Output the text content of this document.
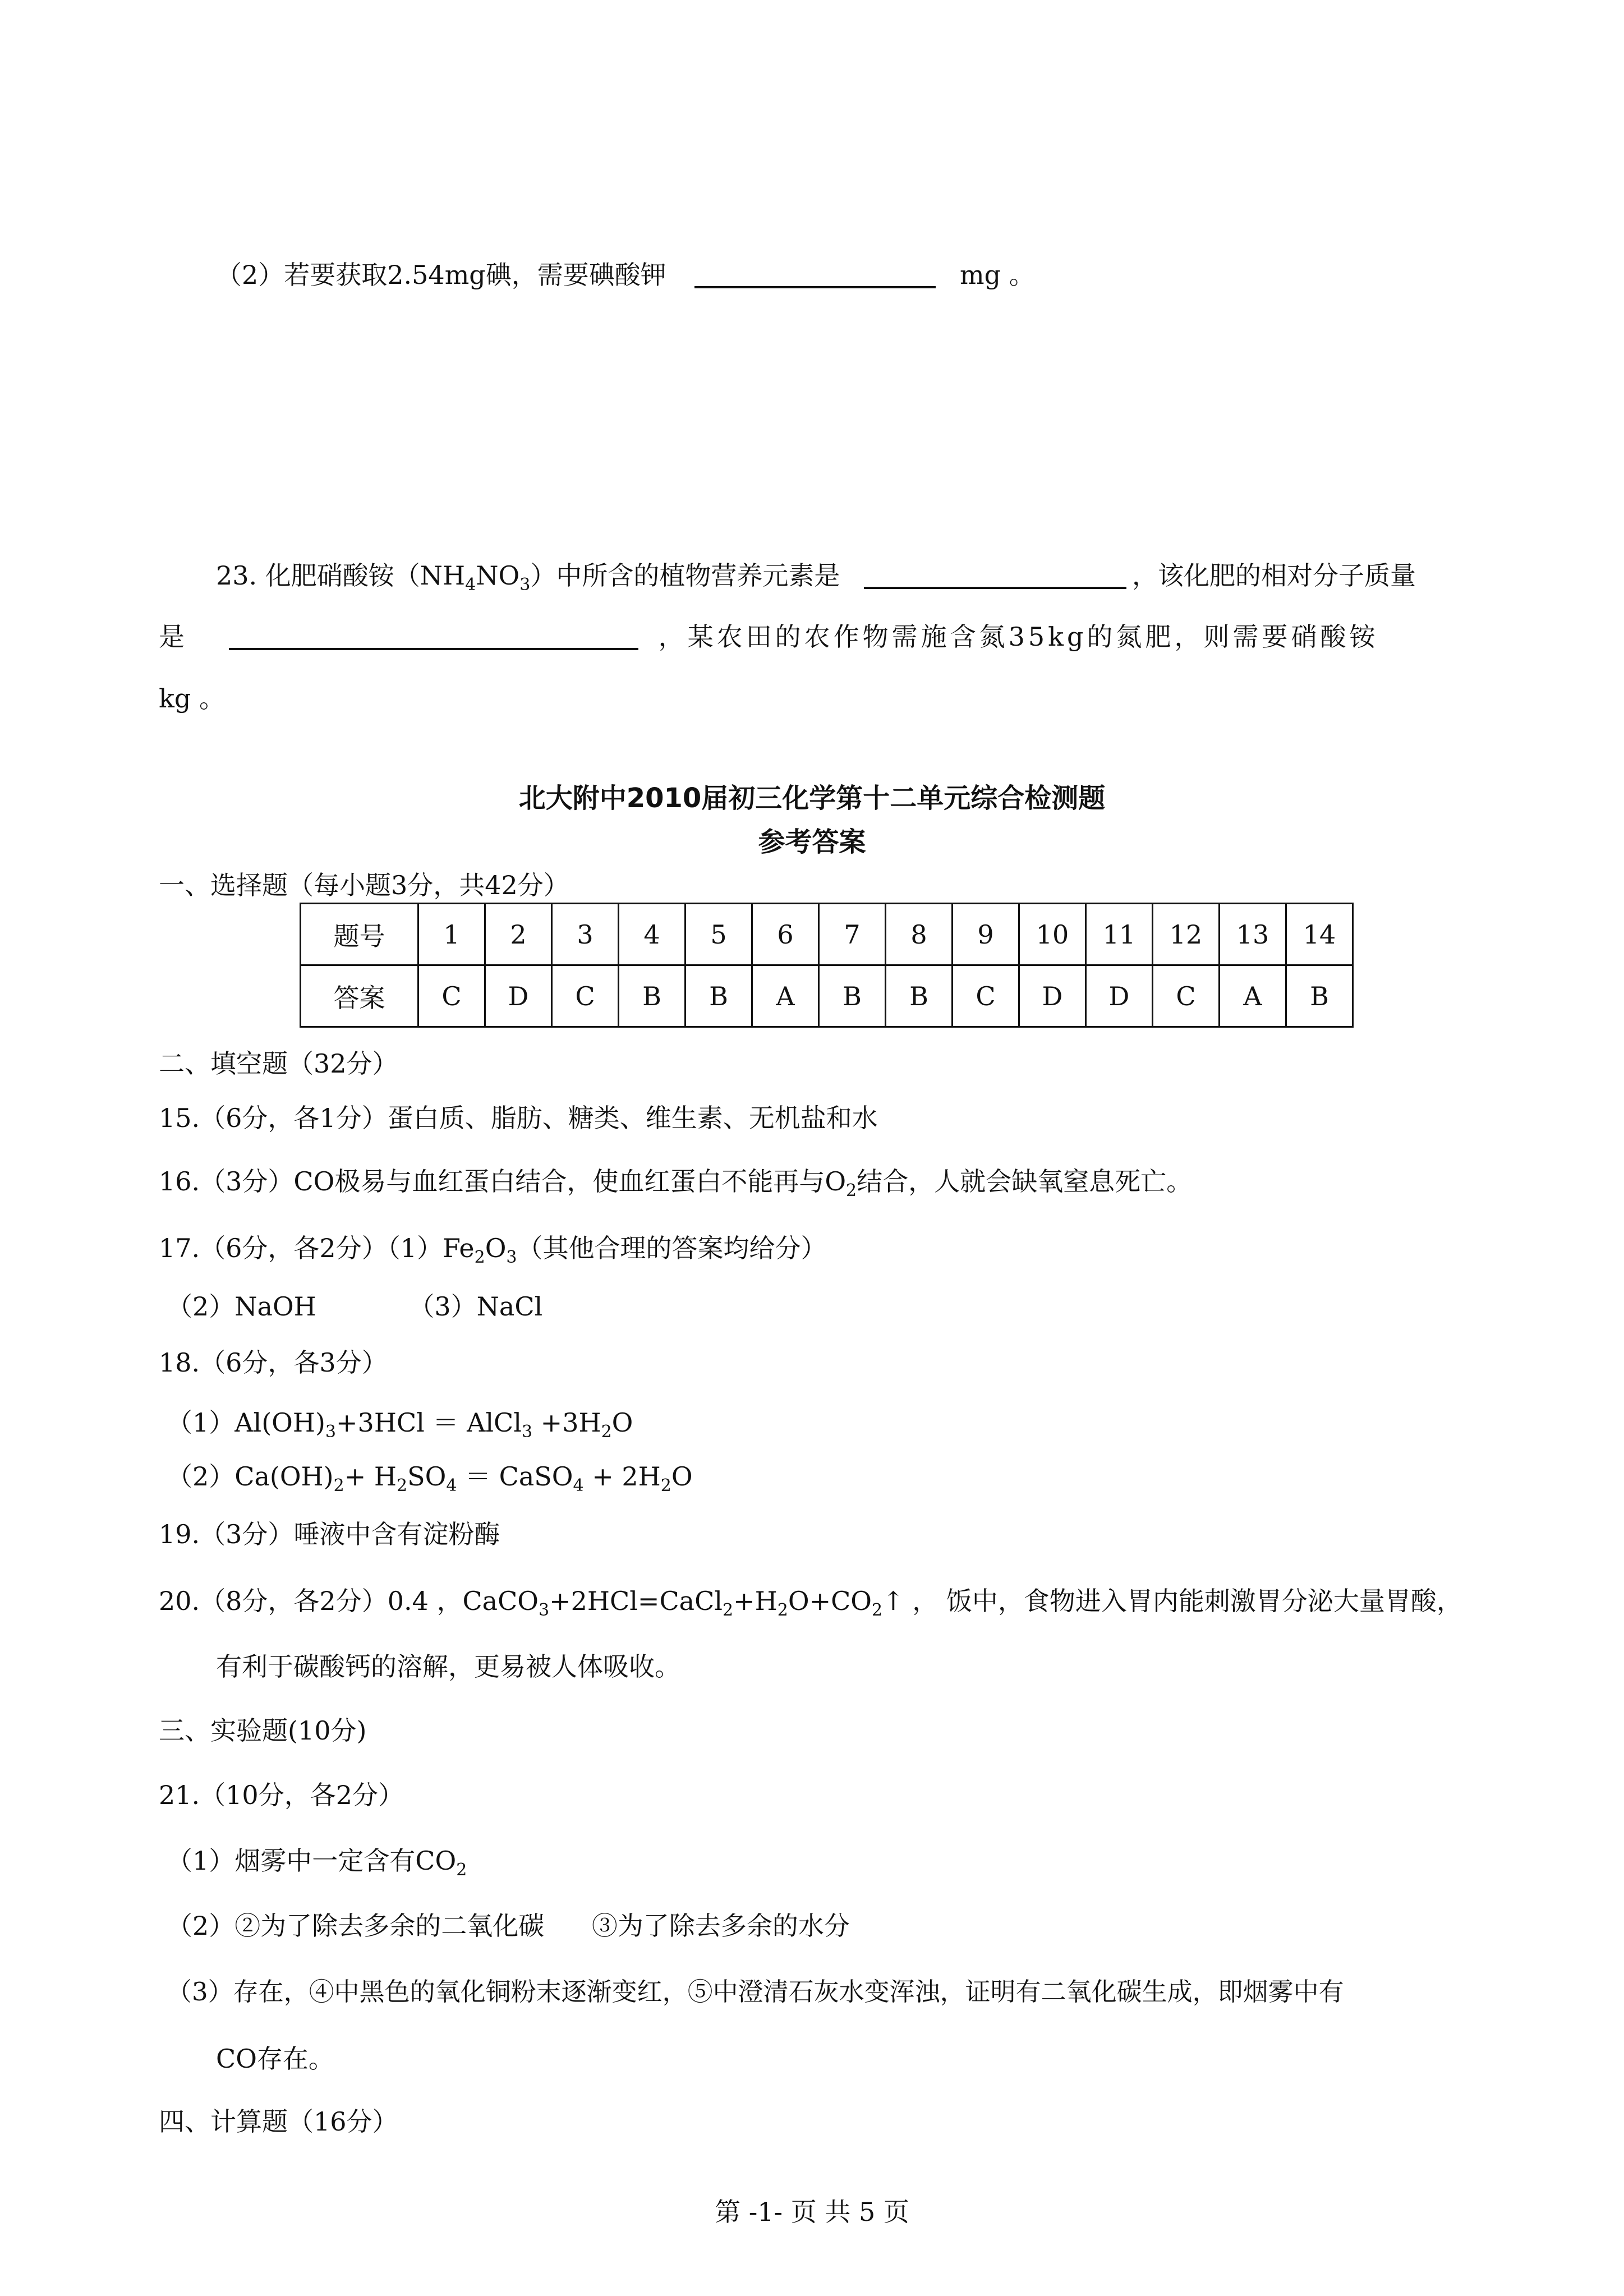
（2）若要获取2.54mg碘，需要碘酸钾	mg 。
23. 化肥硝酸铵$(NH_4NO_3)$中所含的植物营养元素是	，该化肥的相对分子质量
是	，某农田的农作物需施含氮35kg的氮肥，则需要硝酸铵
kg 。
北大附中2010届初三化学第十二单元综合检测题
参考答案
一、选择题（每小题3分，共42分）
题号	1	2	3	4	5	6	7	8	9	10	11	12	13	14
答案	C	D	C	B	B	A	B	B	C	D	D	C	A	B
二、填空题（32分）
15.（6分，各1分）蛋白质、脂肪、糖类、维生素、无机盐和水
16.（3分）CO极易与血红蛋白结合，使血红蛋白不能再与$O_2$结合，人就会缺氧窒息死亡。
17.（6分，各2分）$(1)Fe_2O_3$（其他合理的答案均给分）
（2）NaOH	（3）NaCl
18.（6分，各3分）
$(1)Al(OH)_3+3HCl$ ＝ AlCl$_3$ $+3H_2O$
$(2)Ca(OH)_2+ H_2SO_4$ ＝ CaSO$_4$ + $2H_2O$
19.（3分）唾液中含有淀粉酶
20.（8分，各2分）0.4 ，$CaCO_3+2HCl=CaCl_2+H_2O+CO_2↑$ ， 饭中，食物进入胃内能刺激胃分泌大量胃酸，
有利于碳酸钙的溶解，更易被人体吸收。
三、实验题(10分)
21.（10分，各2分）
（1）烟雾中一定含有$CO_2$
（2）②为了除去多余的二氧化碳 ③为了除去多余的水分
（3）存在，④中黑色的氧化铜粉末逐渐变红，⑤中澄清石灰水变浑浊，证明有二氧化碳生成，即烟雾中有
CO存在。
四、计算题（16分）
第 -1- 页 共 5 页
